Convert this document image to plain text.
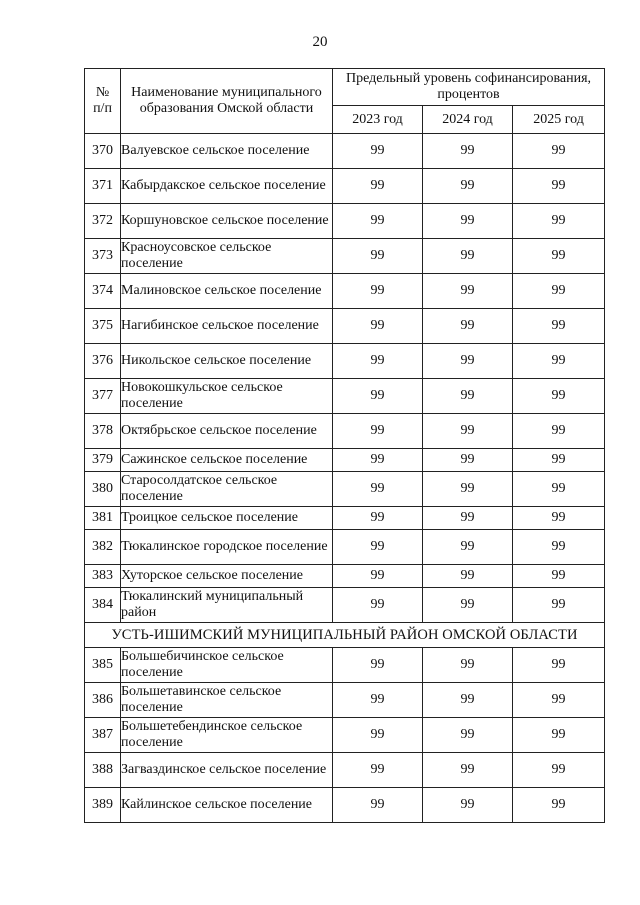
20
№
п/п	Наименование муниципального образования Омской области	Предельный уровень софинансирования, процентов		
		2023 год	2024 год	2025 год
370	Валуевское сельское поселение	99	99	99
371	Кабырдакское сельское поселение	99	99	99
372	Коршуновское сельское поселение	99	99	99
373	Красноусовское сельское поселение	99	99	99
374	Малиновское сельское поселение	99	99	99
375	Нагибинское сельское поселение	99	99	99
376	Никольское сельское поселение	99	99	99
377	Новокошкульское сельское поселение	99	99	99
378	Октябрьское сельское поселение	99	99	99
379	Сажинское сельское поселение	99	99	99
380	Старосолдатское сельское поселение	99	99	99
381	Троицкое сельское поселение	99	99	99
382	Тюкалинское городское поселение	99	99	99
383	Хуторское сельское поселение	99	99	99
384	Тюкалинский муниципальный район	99	99	99
УСТЬ-ИШИМСКИЙ МУНИЦИПАЛЬНЫЙ РАЙОН ОМСКОЙ ОБЛАСТИ				
385	Большебичинское сельское поселение	99	99	99
386	Большетавинское сельское поселение	99	99	99
387	Большетебендинское сельское поселение	99	99	99
388	Загваздинское сельское поселение	99	99	99
389	Кайлинское сельское поселение	99	99	99
